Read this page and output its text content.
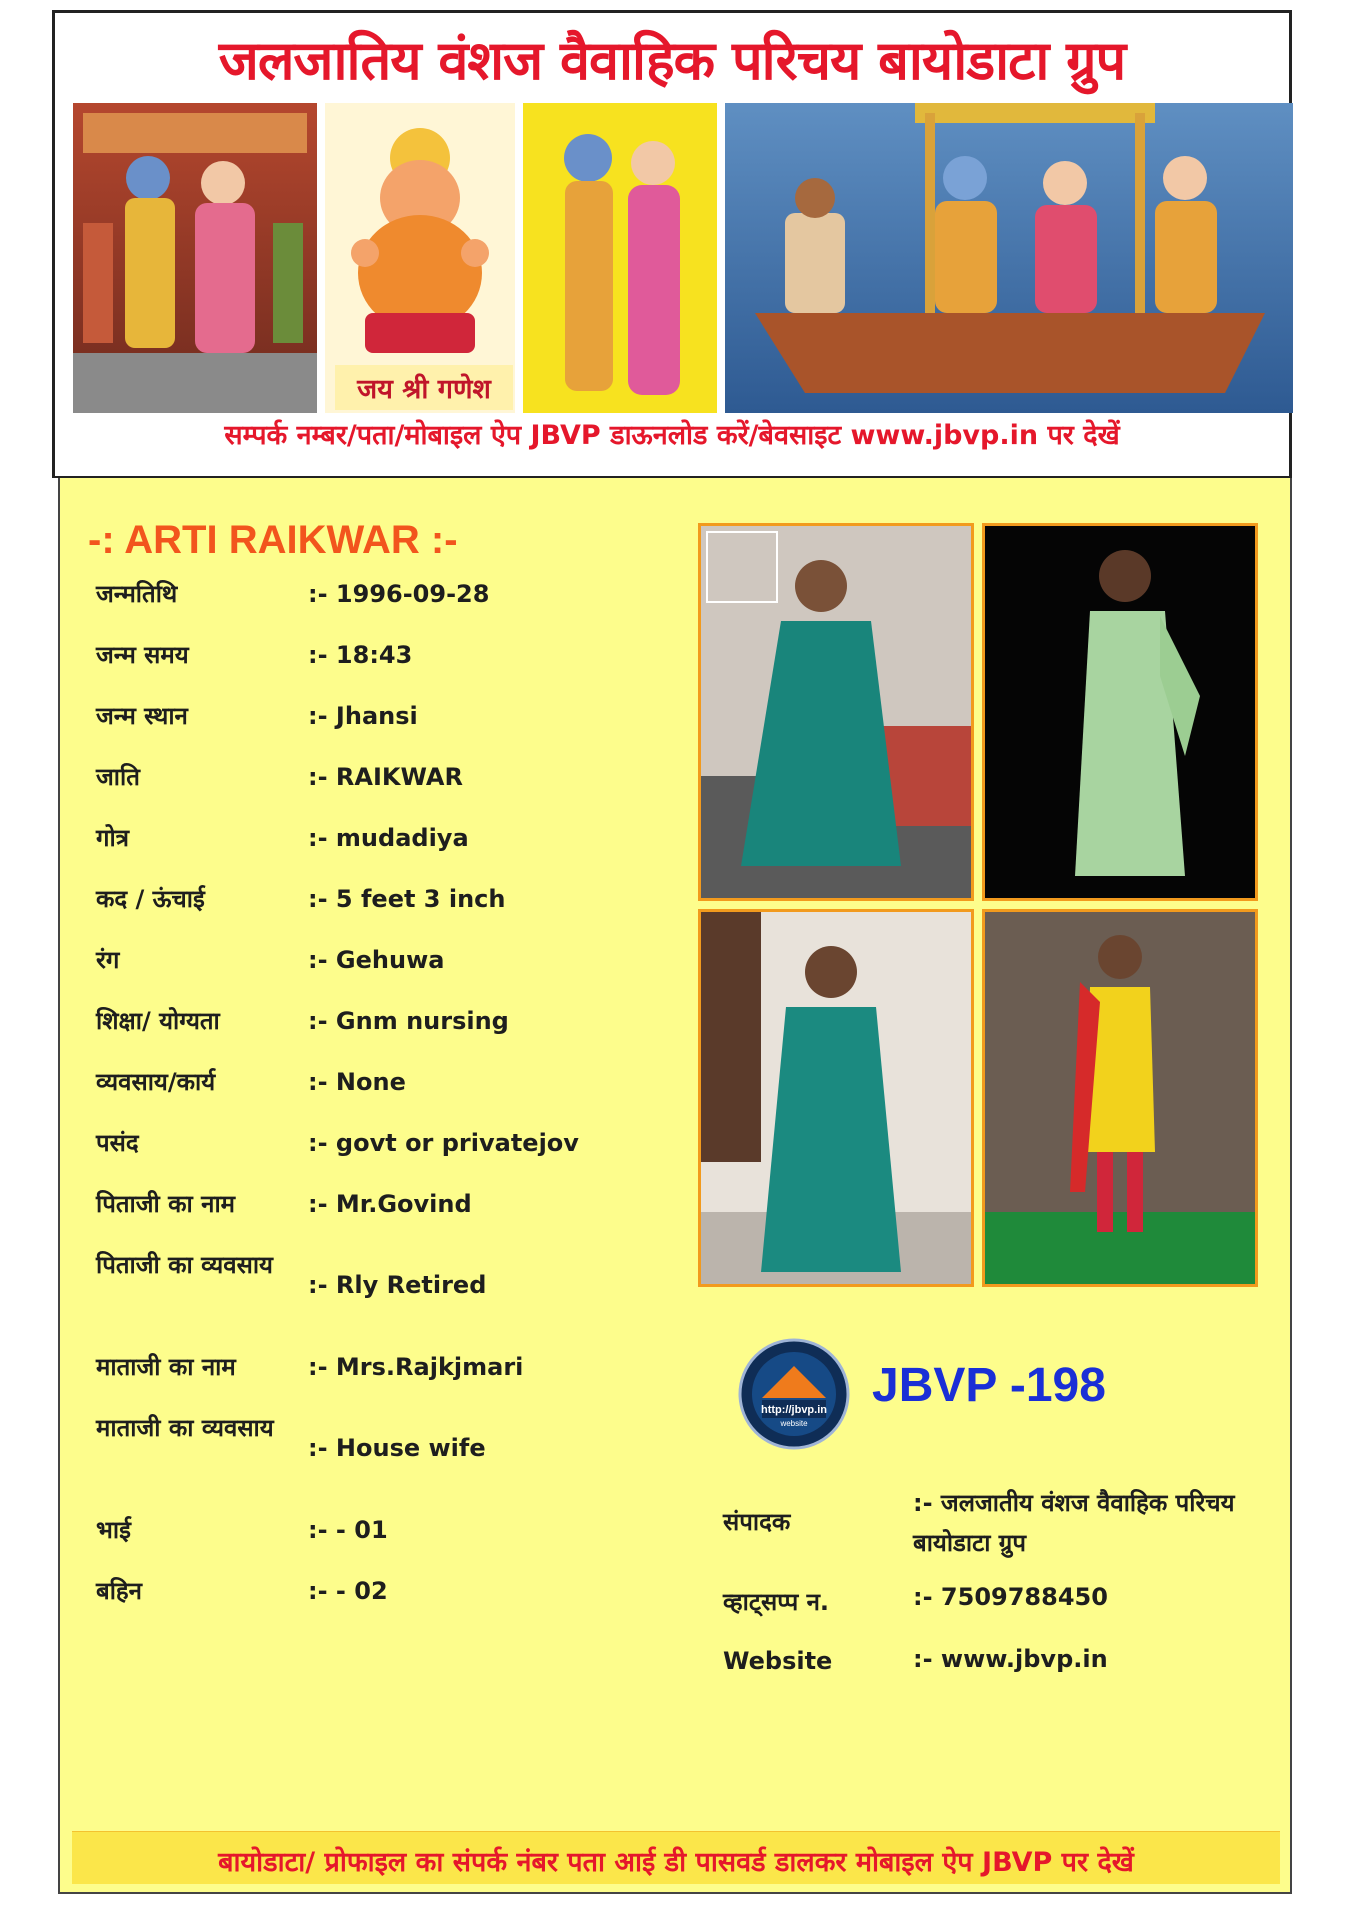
जलजातिय वंशज वैवाहिक परिचय बायोडाटा ग्रुप
जय श्री गणेश
सम्पर्क नम्बर/पता/मोबाइल ऐप JBVP डाऊनलोड करें/बेवसाइट www.jbvp.in पर देखें
-: ARTI RAIKWAR :-
जन्मतिथि	:- 1996-09-28
जन्म समय	:- 18:43
जन्म स्थान	:- Jhansi
जाति	:- RAIKWAR
गोत्र	:- mudadiya
कद / ऊंचाई	:- 5 feet 3 inch
रंग	:- Gehuwa
शिक्षा/ योग्यता	:- Gnm nursing
व्यवसाय/कार्य	:- None
पसंद	:- govt or privatejov
पिताजी का नाम	:- Mr.Govind
पिताजी का व्यवसाय
:- Rly Retired
माताजी का नाम	:- Mrs.Rajkjmari
माताजी का व्यवसाय
:- House wife
भाई	:- - 01
बहिन	:- - 02
http://jbvp.in
website
JBVP -198
संपादक
:- जलजातीय वंशज वैवाहिक परिचय बायोडाटा ग्रुप
व्हाट्सप्प न.	:- 7509788450
Website	:- www.jbvp.in
बायोडाटा/ प्रोफाइल का संपर्क नंबर पता आई डी पासवर्ड डालकर मोबाइल ऐप JBVP पर देखें
